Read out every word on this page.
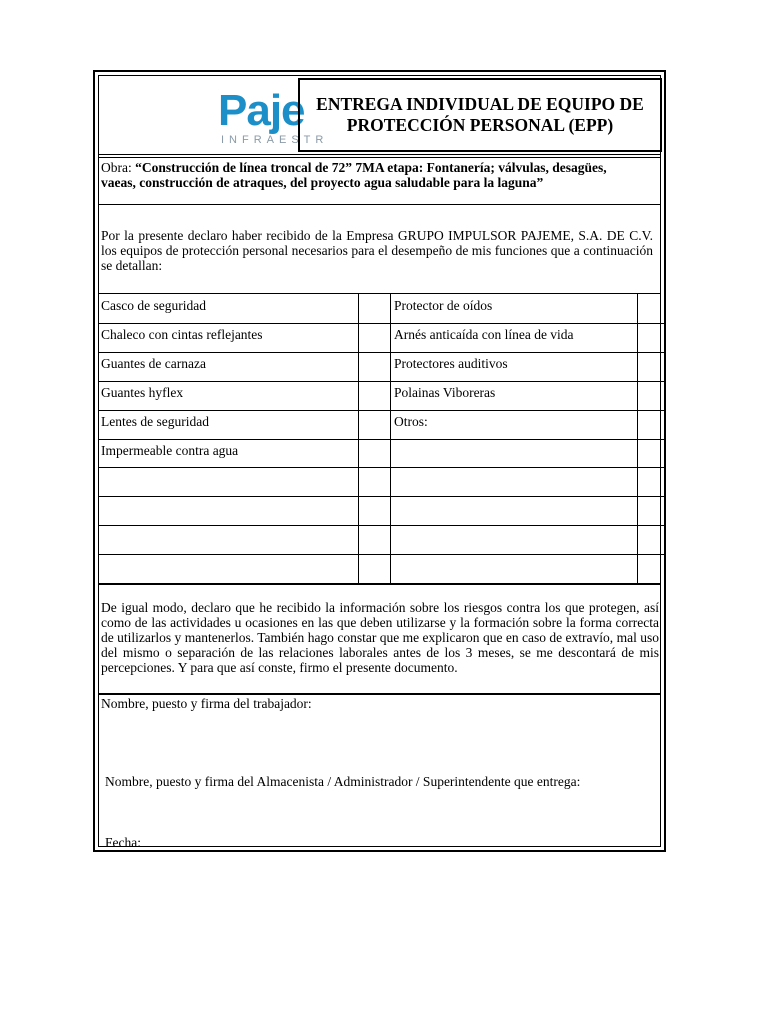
Paje
INFRAESTR
ENTREGA INDIVIDUAL DE EQUIPO DE
PROTECCIÓN PERSONAL (EPP)
Obra: “Construcción de línea troncal de 72” 7MA etapa: Fontanería; válvulas, desagües, vaeas, construcción de atraques, del proyecto agua saludable para la laguna”
Por la presente declaro haber recibido de la Empresa GRUPO IMPULSOR PAJEME, S.A. DE C.V. los equipos de protección personal necesarios para el desempeño de mis funciones que a continuación se detallan:
Casco de seguridad	Protector de oídos
Chaleco con cintas reflejantes	Arnés anticaída con línea de vida
Guantes de carnaza	Protectores auditivos
Guantes hyflex	Polainas Viboreras
Lentes de seguridad	Otros:
Impermeable contra agua
De igual modo, declaro que he recibido la información sobre los riesgos contra los que protegen, así como de las actividades u ocasiones en las que deben utilizarse y la formación sobre la forma correcta de utilizarlos y mantenerlos. También hago constar que me explicaron que en caso de extravío, mal uso del mismo o separación de las relaciones laborales antes de los 3 meses, se me descontará de mis percepciones. Y para que así conste, firmo el presente documento.
Nombre, puesto y firma del trabajador:
Nombre, puesto y firma del Almacenista / Administrador / Superintendente que entrega:
Fecha:
